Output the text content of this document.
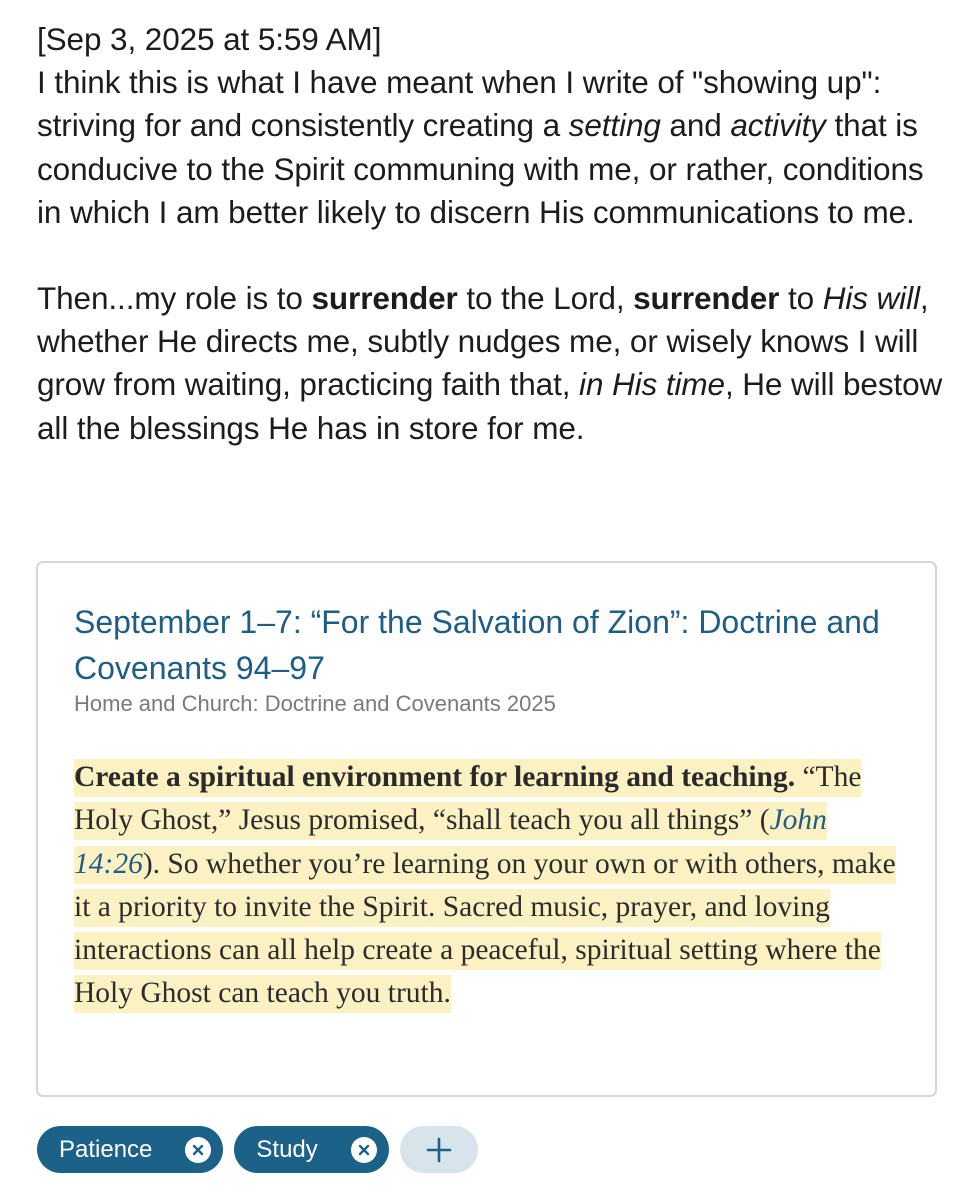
[Sep 3, 2025 at 5:59 AM]

I think this is what I have meant when I write of "showing up": striving for and consistently creating a setting and activity that is conducive to the Spirit communing with me, or rather, conditions in which I am better likely to discern His communications to me.

Then...my role is to surrender to the Lord, surrender to His will, whether He directs me, subtly nudges me, or wisely knows I will grow from waiting, practicing faith that, in His time, He will bestow all the blessings He has in store for me.

September 1–7: “For the Salvation of Zion”: Doctrine and Covenants 94–97
Home and Church: Doctrine and Covenants 2025
Create a spiritual environment for learning and teaching. “The Holy Ghost,” Jesus promised, “shall teach you all things” (John 14:26). So whether you’re learning on your own or with others, make it a priority to invite the Spirit. Sacred music, prayer, and loving interactions can all help create a peaceful, spiritual setting where the Holy Ghost can teach you truth.
Patience	Study
